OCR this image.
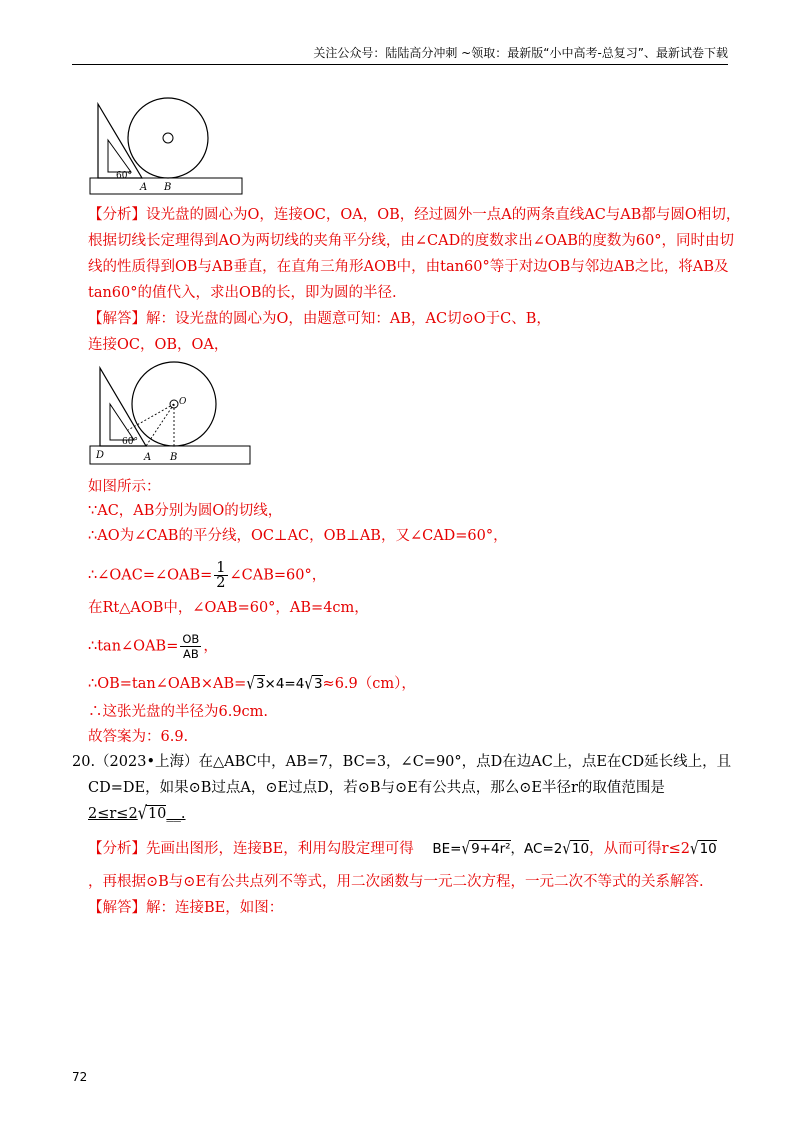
关注公众号：陆陆高分冲刺 ~领取：最新版“小中高考-总复习”、最新试卷下载
60°
A B
【分析】设光盘的圆心为O，连接OC，OA，OB，经过圆外一点A的两条直线AC与AB都与圆O相切，
根据切线长定理得到AO为两切线的夹角平分线，由∠CAD的度数求出∠OAB的度数为60°，同时由切
线的性质得到OB与AB垂直，在直角三角形AOB中，由tan60°等于对边OB与邻边AB之比，将AB及
tan60°的值代入，求出OB的长，即为圆的半径.
【解答】解：设光盘的圆心为O，由题意可知：AB，AC切⊙O于C、B，
连接OC，OB，OA，
60°
D	A B
O
如图所示：
∵AC，AB分别为圆O的切线，
∴AO为∠CAB的平分线，OC⊥AC，OB⊥AB，又∠CAD=60°，
∴∠OAC=∠OAB= $\frac{1}{2}$ ∠CAB=60°，
在Rt△AOB中，∠OAB=60°，AB=4cm，
∴tan∠OAB= $\frac{OB}{AB}$ ，
∴OB=tan∠OAB×AB=√3×4=4√3≈6.9（cm），
∴这张光盘的半径为6.9cm.
故答案为：6.9.
20.（2023•上海）在△ABC中，AB=7，BC=3，∠C=90°，点D在边AC上，点E在CD延长线上，且
CD=DE，如果⊙B过点A，⊙E过点D，若⊙B与⊙E有公共点，那么⊙E半径r的取值范围是
2≤r≤2√10__.
【分析】先画出图形，连接BE，利用勾股定理可得 BE=√9+4r²，AC=2√10，从而可得r≤2√10
，再根据⊙B与⊙E有公共点列不等式，用二次函数与一元二次方程，一元二次不等式的关系解答.
【解答】解：连接BE，如图：
72
